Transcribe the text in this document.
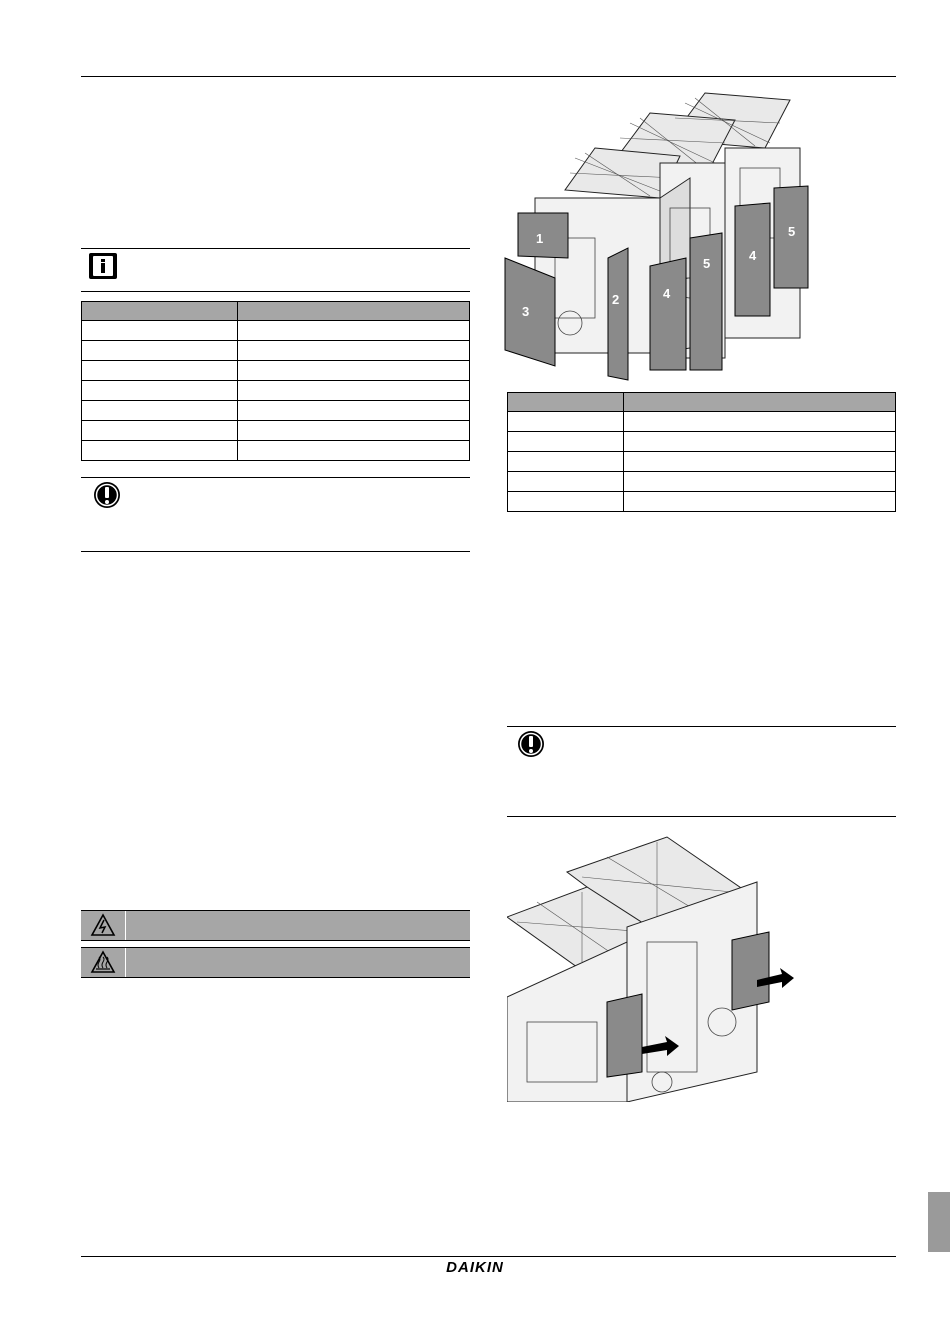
1
2
3
4
5
4
5

DAIKIN
